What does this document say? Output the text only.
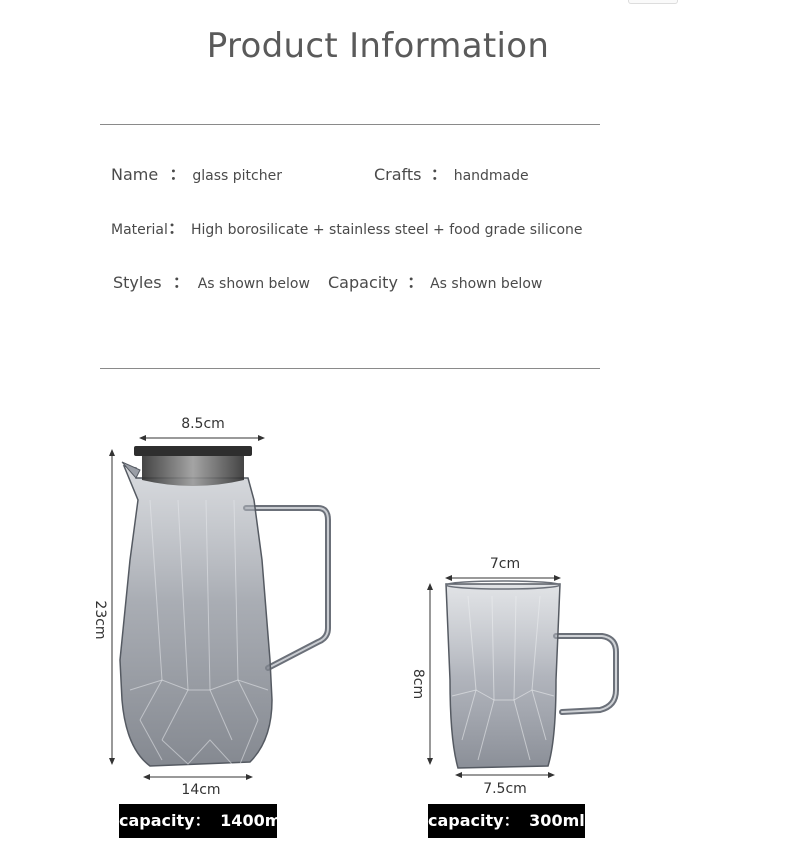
Product Information
Name ： glass pitcher	Crafts ： handmade
Material： High borosilicate + stainless steel + food grade silicone
Styles ： As shown below Capacity ： As shown below
8.5cm
23cm
14cm
7cm
8cm
7.5cm
capacity： 1400ml	capacity： 300ml
